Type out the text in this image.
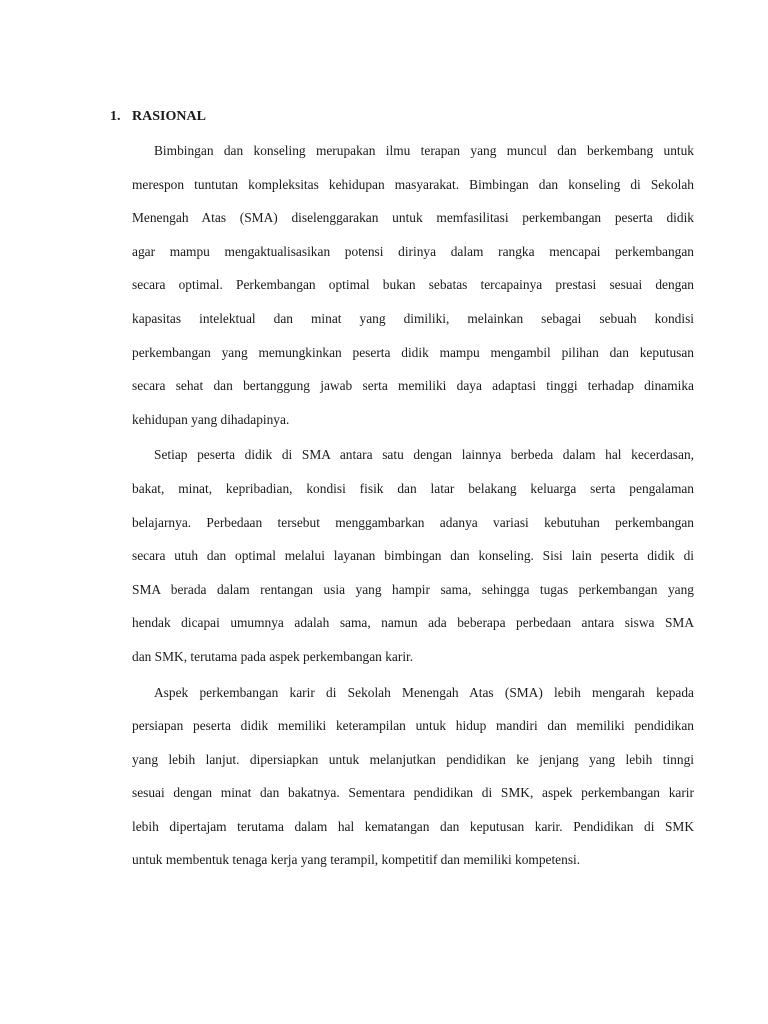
1. RASIONAL
Bimbingan dan konseling merupakan ilmu terapan yang muncul dan berkembang untuk
merespon tuntutan kompleksitas kehidupan masyarakat. Bimbingan dan konseling di Sekolah
Menengah Atas (SMA) diselenggarakan untuk memfasilitasi perkembangan peserta didik
agar mampu mengaktualisasikan potensi dirinya dalam rangka mencapai perkembangan
secara optimal. Perkembangan optimal bukan sebatas tercapainya prestasi sesuai dengan
kapasitas intelektual dan minat yang dimiliki, melainkan sebagai sebuah kondisi
perkembangan yang memungkinkan peserta didik mampu mengambil pilihan dan keputusan
secara sehat dan bertanggung jawab serta memiliki daya adaptasi tinggi terhadap dinamika
kehidupan yang dihadapinya.
Setiap peserta didik di SMA antara satu dengan lainnya berbeda dalam hal kecerdasan,
bakat, minat, kepribadian, kondisi fisik dan latar belakang keluarga serta pengalaman
belajarnya. Perbedaan tersebut menggambarkan adanya variasi kebutuhan perkembangan
secara utuh dan optimal melalui layanan bimbingan dan konseling. Sisi lain peserta didik di
SMA berada dalam rentangan usia yang hampir sama, sehingga tugas perkembangan yang
hendak dicapai umumnya adalah sama, namun ada beberapa perbedaan antara siswa SMA
dan SMK, terutama pada aspek perkembangan karir.
Aspek perkembangan karir di Sekolah Menengah Atas (SMA) lebih mengarah kepada
persiapan peserta didik memiliki keterampilan untuk hidup mandiri dan memiliki pendidikan
yang lebih lanjut. dipersiapkan untuk melanjutkan pendidikan ke jenjang yang lebih tinngi
sesuai dengan minat dan bakatnya. Sementara pendidikan di SMK, aspek perkembangan karir
lebih dipertajam terutama dalam hal kematangan dan keputusan karir. Pendidikan di SMK
untuk membentuk tenaga kerja yang terampil, kompetitif dan memiliki kompetensi.
